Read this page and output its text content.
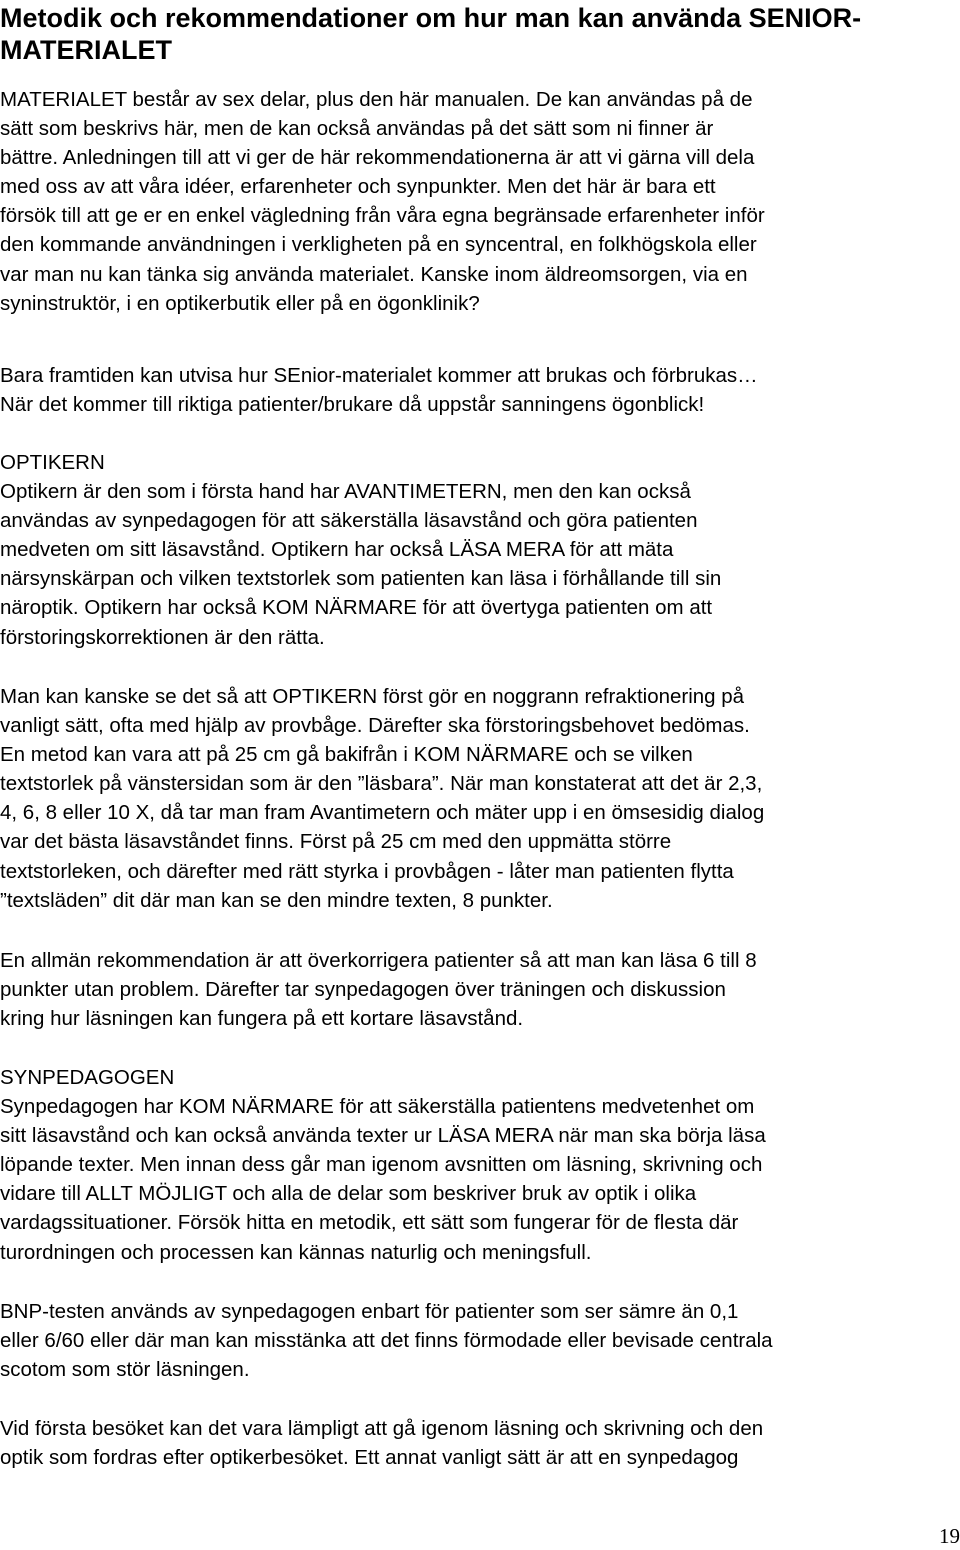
Metodik och rekommendationer om hur man kan använda SENIOR-MATERIALET

MATERIALET består av sex delar, plus den här manualen. De kan användas på de
sätt som beskrivs här, men de kan också användas på det sätt som ni finner är
bättre. Anledningen till att vi ger de här rekommendationerna är att vi gärna vill dela
med oss av att våra idéer, erfarenheter och synpunkter. Men det här är bara ett
försök till att ge er en enkel vägledning från våra egna begränsade erfarenheter inför
den kommande användningen i verkligheten på en syncentral, en folkhögskola eller
var man nu kan tänka sig använda materialet. Kanske inom äldreomsorgen, via en
syninstruktör, i en optikerbutik eller på en ögonklinik?

Bara framtiden kan utvisa hur SEnior-materialet kommer att brukas och förbrukas…
När det kommer till riktiga patienter/brukare då uppstår sanningens ögonblick!

OPTIKERN
Optikern är den som i första hand har AVANTIMETERN, men den kan också
användas av synpedagogen för att säkerställa läsavstånd och göra patienten
medveten om sitt läsavstånd. Optikern har också LÄSA MERA för att mäta
närsynskärpan och vilken textstorlek som patienten kan läsa i förhållande till sin
näroptik. Optikern har också KOM NÄRMARE för att övertyga patienten om att
förstoringskorrektionen är den rätta.

Man kan kanske se det så att OPTIKERN först gör en noggrann refraktionering på
vanligt sätt, ofta med hjälp av provbåge. Därefter ska förstoringsbehovet bedömas.
En metod kan vara att på 25 cm gå bakifrån i KOM NÄRMARE och se vilken
textstorlek på vänstersidan som är den ”läsbara”. När man konstaterat att det är 2,3,
4, 6, 8 eller 10 X, då tar man fram Avantimetern och mäter upp i en ömsesidig dialog
var det bästa läsavståndet finns. Först på 25 cm med den uppmätta större
textstorleken, och därefter med rätt styrka i provbågen - låter man patienten flytta
”textsläden” dit där man kan se den mindre texten, 8 punkter.

En allmän rekommendation är att överkorrigera patienter så att man kan läsa 6 till 8
punkter utan problem. Därefter tar synpedagogen över träningen och diskussion
kring hur läsningen kan fungera på ett kortare läsavstånd.

SYNPEDAGOGEN
Synpedagogen har KOM NÄRMARE för att säkerställa patientens medvetenhet om
sitt läsavstånd och kan också använda texter ur LÄSA MERA när man ska börja läsa
löpande texter. Men innan dess går man igenom avsnitten om läsning, skrivning och
vidare till ALLT MÖJLIGT och alla de delar som beskriver bruk av optik i olika
vardagssituationer. Försök hitta en metodik, ett sätt som fungerar för de flesta där
turordningen och processen kan kännas naturlig och meningsfull.

BNP-testen används av synpedagogen enbart för patienter som ser sämre än 0,1
eller 6/60 eller där man kan misstänka att det finns förmodade eller bevisade centrala
scotom som stör läsningen.

Vid första besöket kan det vara lämpligt att gå igenom läsning och skrivning och den
optik som fordras efter optikerbesöket. Ett annat vanligt sätt är att en synpedagog

19
